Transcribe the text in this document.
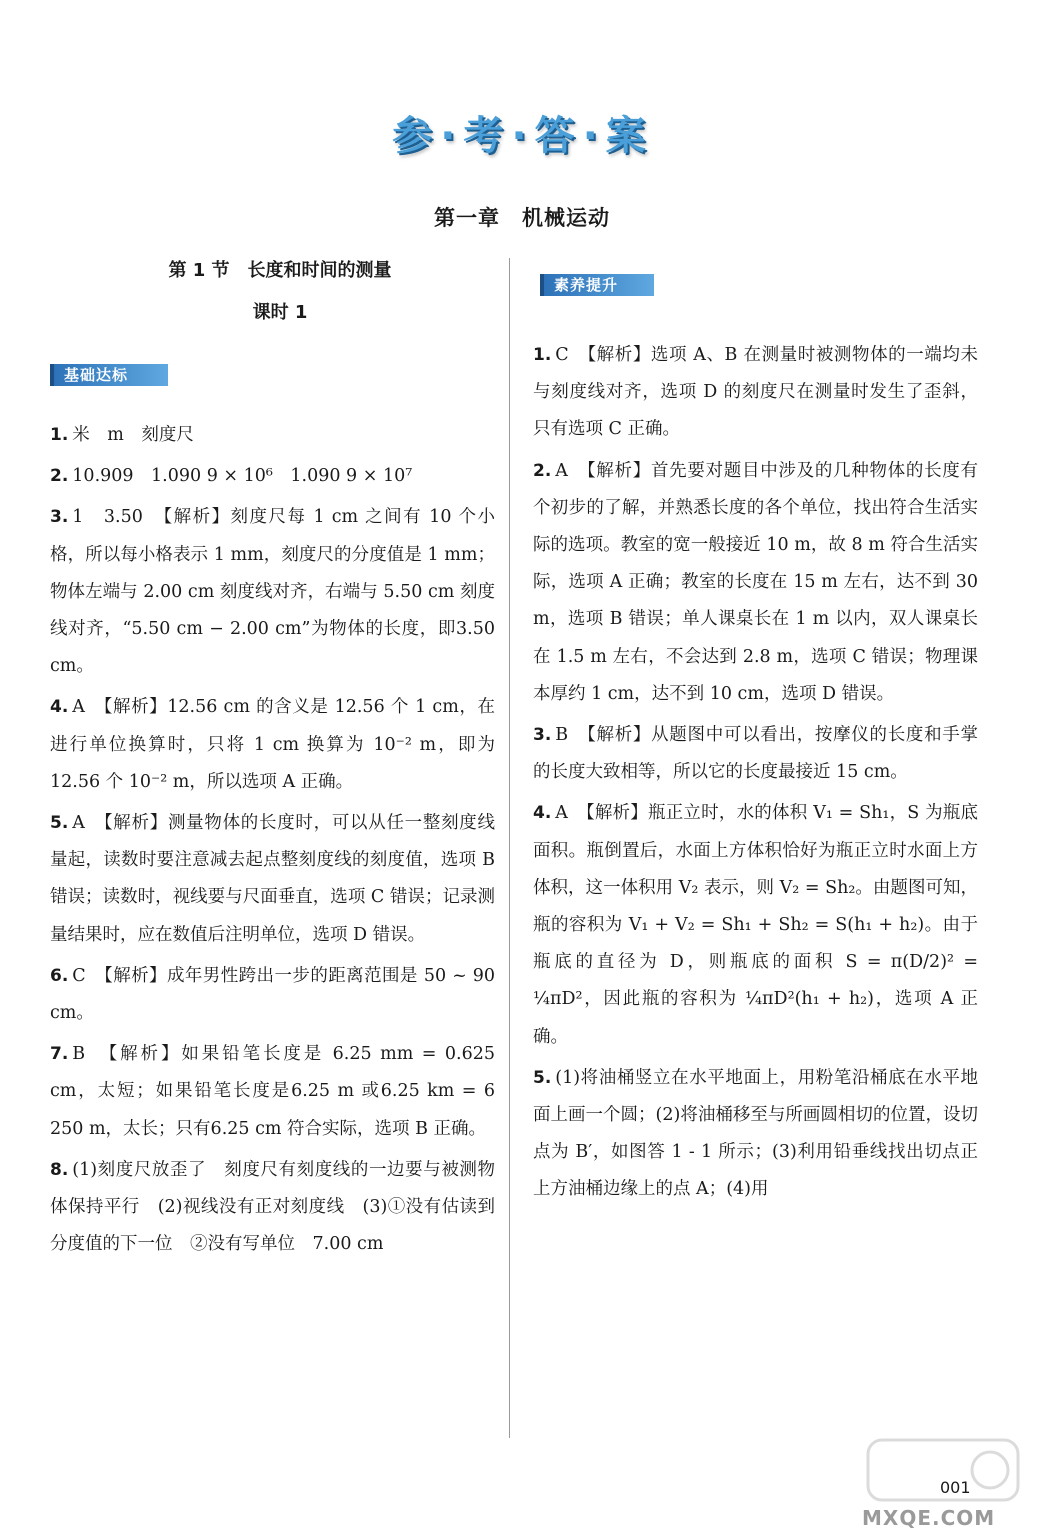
参·考·答·案
第一章　机械运动
第 1 节　长度和时间的测量
课时 1
基础达标
素养提升
1. 米　m　刻度尺
2. 10.909　1.090 9 × 10⁶　1.090 9 × 10⁷
3. 1　3.50　【解析】刻度尺每 1 cm 之间有 10 个小格，所以每小格表示 1 mm，刻度尺的分度值是 1 mm；物体左端与 2.00 cm 刻度线对齐，右端与 5.50 cm 刻度线对齐，“5.50 cm − 2.00 cm”为物体的长度，即3.50 cm。
4. A　【解析】12.56 cm 的含义是 12.56 个 1 cm，在进行单位换算时，只将 1 cm 换算为 10⁻² m，即为 12.56 个 10⁻² m，所以选项 A 正确。
5. A　【解析】测量物体的长度时，可以从任一整刻度线量起，读数时要注意减去起点整刻度线的刻度值，选项 B 错误；读数时，视线要与尺面垂直，选项 C 错误；记录测量结果时，应在数值后注明单位，选项 D 错误。
6. C　【解析】成年男性跨出一步的距离范围是 50 ~ 90 cm。
7. B　【解析】如果铅笔长度是 6.25 mm = 0.625 cm，太短；如果铅笔长度是6.25 m 或6.25 km = 6 250 m，太长；只有6.25 cm 符合实际，选项 B 正确。
8. (1)刻度尺放歪了　刻度尺有刻度线的一边要与被测物体保持平行　(2)视线没有正对刻度线　(3)①没有估读到分度值的下一位　②没有写单位　7.00 cm
1. C　【解析】选项 A、B 在测量时被测物体的一端均未与刻度线对齐，选项 D 的刻度尺在测量时发生了歪斜，只有选项 C 正确。
2. A　【解析】首先要对题目中涉及的几种物体的长度有个初步的了解，并熟悉长度的各个单位，找出符合生活实际的选项。教室的宽一般接近 10 m，故 8 m 符合生活实际，选项 A 正确；教室的长度在 15 m 左右，达不到 30 m，选项 B 错误；单人课桌长在 1 m 以内，双人课桌长在 1.5 m 左右，不会达到 2.8 m，选项 C 错误；物理课本厚约 1 cm，达不到 10 cm，选项 D 错误。
3. B　【解析】从题图中可以看出，按摩仪的长度和手掌的长度大致相等，所以它的长度最接近 15 cm。
4. A　【解析】瓶正立时，水的体积 V₁ = Sh₁，S 为瓶底面积。瓶倒置后，水面上方体积恰好为瓶正立时水面上方体积，这一体积用 V₂ 表示，则 V₂ = Sh₂。由题图可知，瓶的容积为 V₁ + V₂ = Sh₁ + Sh₂ = S(h₁ + h₂)。由于瓶底的直径为 D，则瓶底的面积 S = π(D/2)² = ¼πD²，因此瓶的容积为 ¼πD²(h₁ + h₂)，选项 A 正确。
5. (1)将油桶竖立在水平地面上，用粉笔沿桶底在水平地面上画一个圆；(2)将油桶移至与所画圆相切的位置，设切点为 B′，如图答 1 - 1 所示；(3)利用铅垂线找出切点正上方油桶边缘上的点 A；(4)用
MXQE.COM
001
